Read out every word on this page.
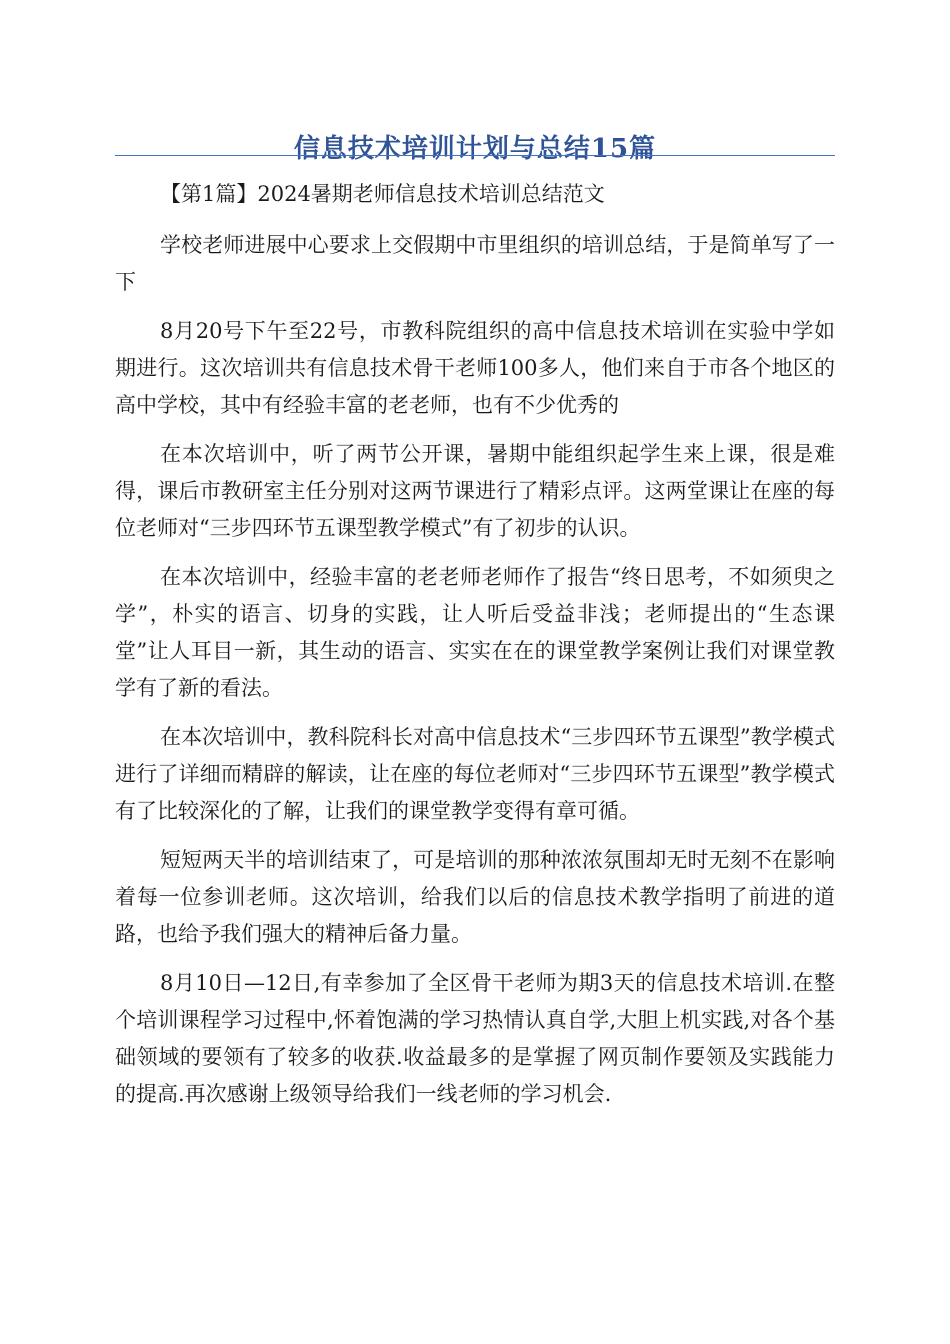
信息技术培训计划与总结15篇

【第1篇】2024暑期老师信息技术培训总结范文

学校老师进展中心要求上交假期中市里组织的培训总结，于是简单写了一下

8月20号下午至22号，市教科院组织的高中信息技术培训在实验中学如期进行。这次培训共有信息技术骨干老师100多人，他们来自于市各个地区的高中学校，其中有经验丰富的老老师，也有不少优秀的

在本次培训中，听了两节公开课，暑期中能组织起学生来上课，很是难得，课后市教研室主任分别对这两节课进行了精彩点评。这两堂课让在座的每位老师对“三步四环节五课型教学模式”有了初步的认识。

在本次培训中，经验丰富的老老师老师作了报告“终日思考，不如须臾之学”，朴实的语言、切身的实践，让人听后受益非浅；老师提出的“生态课堂”让人耳目一新，其生动的语言、实实在在的课堂教学案例让我们对课堂教学有了新的看法。

在本次培训中，教科院科长对高中信息技术“三步四环节五课型”教学模式进行了详细而精辟的解读，让在座的每位老师对“三步四环节五课型”教学模式有了比较深化的了解，让我们的课堂教学变得有章可循。

短短两天半的培训结束了，可是培训的那种浓浓氛围却无时无刻不在影响着每一位参训老师。这次培训，给我们以后的信息技术教学指明了前进的道路，也给予我们强大的精神后备力量。

8月10日—12日,有幸参加了全区骨干老师为期3天的信息技术培训.在整个培训课程学习过程中,怀着饱满的学习热情认真自学,大胆上机实践,对各个基础领域的要领有了较多的收获.收益最多的是掌握了网页制作要领及实践能力的提高.再次感谢上级领导给我们一线老师的学习机会.
